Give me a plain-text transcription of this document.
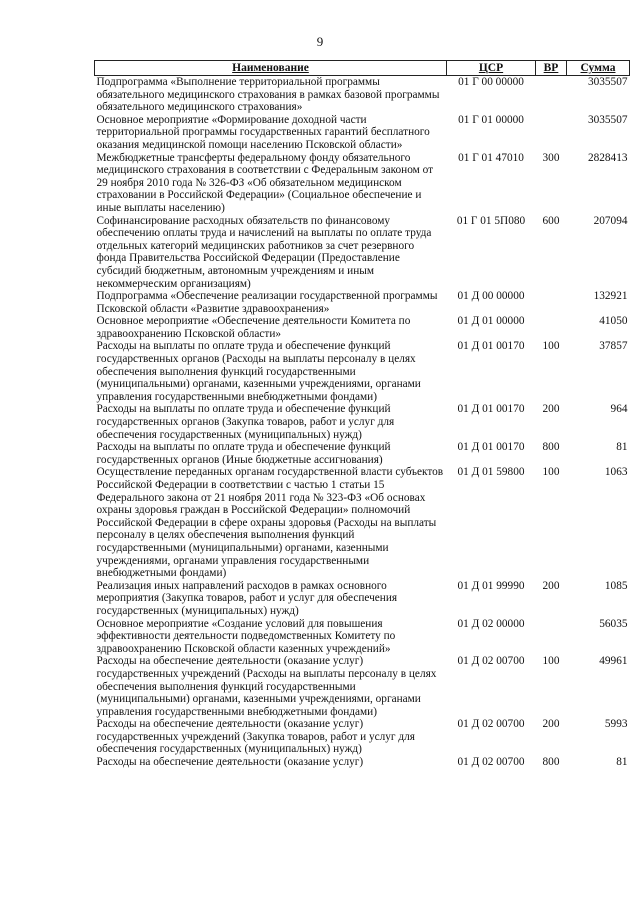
9
Наименование	ЦСР	ВР	Сумма
Подпрограмма «Выполнение территориальной программы обязательного медицинского страхования в рамках базовой программы обязательного медицинского страхования»	01 Г 00 00000		3035507
Основное мероприятие «Формирование доходной части территориальной программы государственных гарантий бесплатного оказания медицинской помощи населению Псковской области»	01 Г 01 00000		3035507
Межбюджетные трансферты федеральному фонду обязательного медицинского страхования в соответствии с Федеральным законом от 29 ноября 2010 года № 326-ФЗ «Об обязательном медицинском страховании в Российской Федерации» (Социальное обеспечение и иные выплаты населению)	01 Г 01 47010	300	2828413
Софинансирование расходных обязательств по финансовому обеспечению оплаты труда и начислений на выплаты по оплате труда отдельных категорий медицинских работников за счет резервного фонда Правительства Российской Федерации (Предоставление субсидий бюджетным, автономным учреждениям и иным некоммерческим организациям)	01 Г 01 5П080	600	207094
Подпрограмма «Обеспечение реализации государственной программы Псковской области «Развитие здравоохранения»	01 Д 00 00000		132921
Основное мероприятие «Обеспечение деятельности Комитета по здравоохранению Псковской области»	01 Д 01 00000		41050
Расходы на выплаты по оплате труда и обеспечение функций государственных органов (Расходы на выплаты персоналу в целях обеспечения выполнения функций государственными (муниципальными) органами, казенными учреждениями, органами управления государственными внебюджетными фондами)	01 Д 01 00170	100	37857
Расходы на выплаты по оплате труда и обеспечение функций государственных органов (Закупка товаров, работ и услуг для обеспечения государственных (муниципальных) нужд)	01 Д 01 00170	200	964
Расходы на выплаты по оплате труда и обеспечение функций государственных органов (Иные бюджетные ассигнования)	01 Д 01 00170	800	81
Осуществление переданных органам государственной власти субъектов Российской Федерации в соответствии с частью 1 статьи 15 Федерального закона от 21 ноября 2011 года № 323-ФЗ «Об основах охраны здоровья граждан в Российской Федерации» полномочий Российской Федерации в сфере охраны здоровья (Расходы на выплаты персоналу в целях обеспечения выполнения функций государственными (муниципальными) органами, казенными учреждениями, органами управления государственными внебюджетными фондами)	01 Д 01 59800	100	1063
Реализация иных направлений расходов в рамках основного мероприятия (Закупка товаров, работ и услуг для обеспечения государственных (муниципальных) нужд)	01 Д 01 99990	200	1085
Основное мероприятие «Создание условий для повышения эффективности деятельности подведомственных Комитету по здравоохранению Псковской области казенных учреждений»	01 Д 02 00000		56035
Расходы на обеспечение деятельности (оказание услуг) государственных учреждений (Расходы на выплаты персоналу в целях обеспечения выполнения функций государственными (муниципальными) органами, казенными учреждениями, органами управления государственными внебюджетными фондами)	01 Д 02 00700	100	49961
Расходы на обеспечение деятельности (оказание услуг) государственных учреждений (Закупка товаров, работ и услуг для обеспечения государственных (муниципальных) нужд)	01 Д 02 00700	200	5993
Расходы на обеспечение деятельности (оказание услуг)	01 Д 02 00700	800	81
